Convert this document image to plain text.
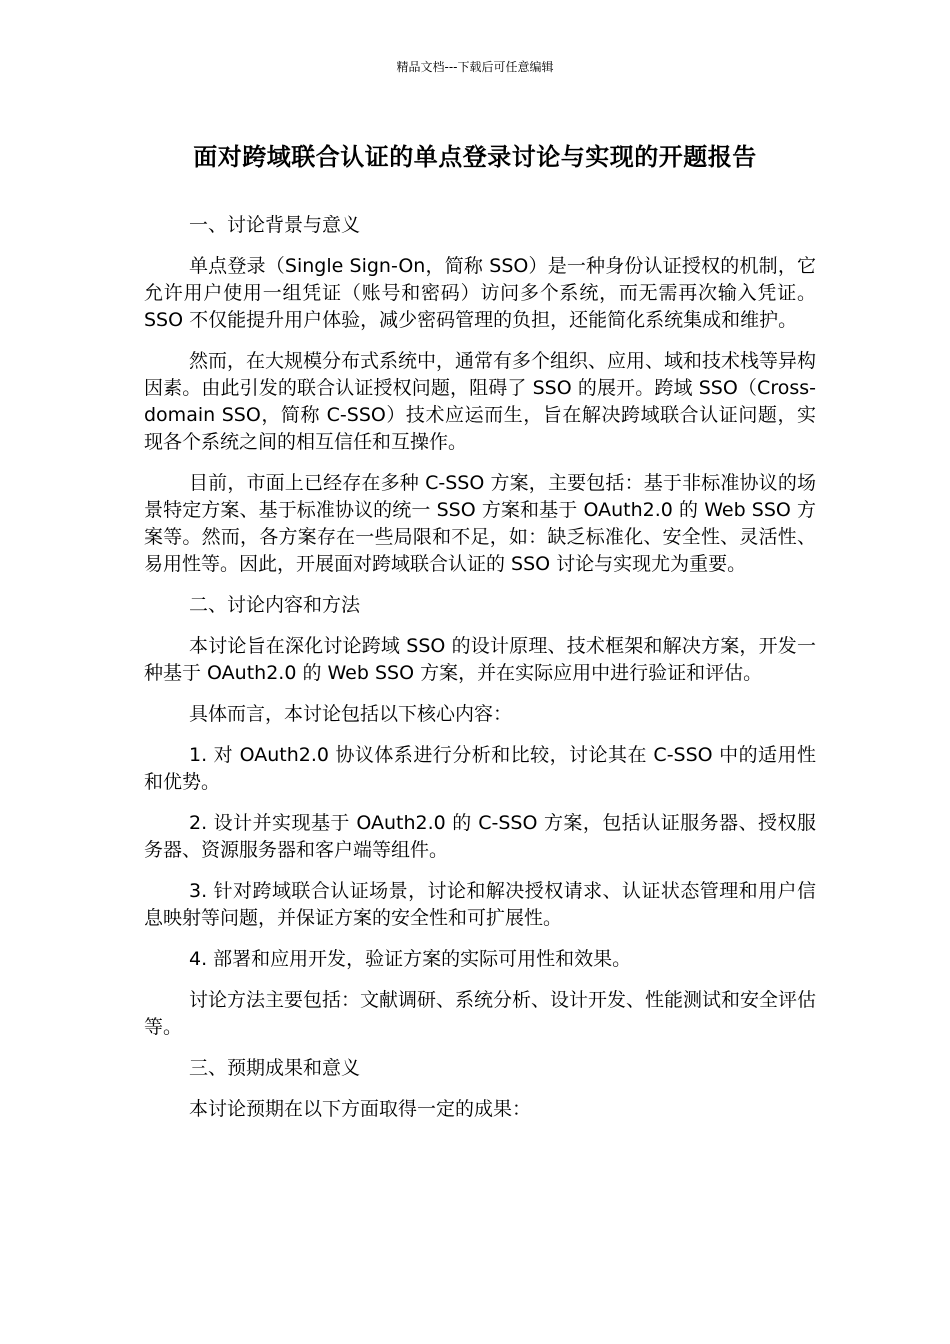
精品文档---下载后可任意编辑
面对跨域联合认证的单点登录讨论与实现的开题报告

一、讨论背景与意义

单点登录（Single Sign-On，简称 SSO）是一种身份认证授权的机制，它允许用户使用一组凭证（账号和密码）访问多个系统，而无需再次输入凭证。SSO 不仅能提升用户体验，减少密码管理的负担，还能简化系统集成和维护。

然而，在大规模分布式系统中，通常有多个组织、应用、域和技术栈等异构因素。由此引发的联合认证授权问题，阻碍了 SSO 的展开。跨域 SSO（Cross-domain SSO，简称 C-SSO）技术应运而生，旨在解决跨域联合认证问题，实现各个系统之间的相互信任和互操作。

目前，市面上已经存在多种 C-SSO 方案，主要包括：基于非标准协议的场景特定方案、基于标准协议的统一 SSO 方案和基于 OAuth2.0 的 Web SSO 方案等。然而，各方案存在一些局限和不足，如：缺乏标准化、安全性、灵活性、易用性等。因此，开展面对跨域联合认证的 SSO 讨论与实现尤为重要。

二、讨论内容和方法

本讨论旨在深化讨论跨域 SSO 的设计原理、技术框架和解决方案，开发一种基于 OAuth2.0 的 Web SSO 方案，并在实际应用中进行验证和评估。

具体而言，本讨论包括以下核心内容：

1. 对 OAuth2.0 协议体系进行分析和比较，讨论其在 C-SSO 中的适用性和优势。

2. 设计并实现基于 OAuth2.0 的 C-SSO 方案，包括认证服务器、授权服务器、资源服务器和客户端等组件。

3. 针对跨域联合认证场景，讨论和解决授权请求、认证状态管理和用户信息映射等问题，并保证方案的安全性和可扩展性。

4. 部署和应用开发，验证方案的实际可用性和效果。

讨论方法主要包括：文献调研、系统分析、设计开发、性能测试和安全评估等。

三、预期成果和意义

本讨论预期在以下方面取得一定的成果：
